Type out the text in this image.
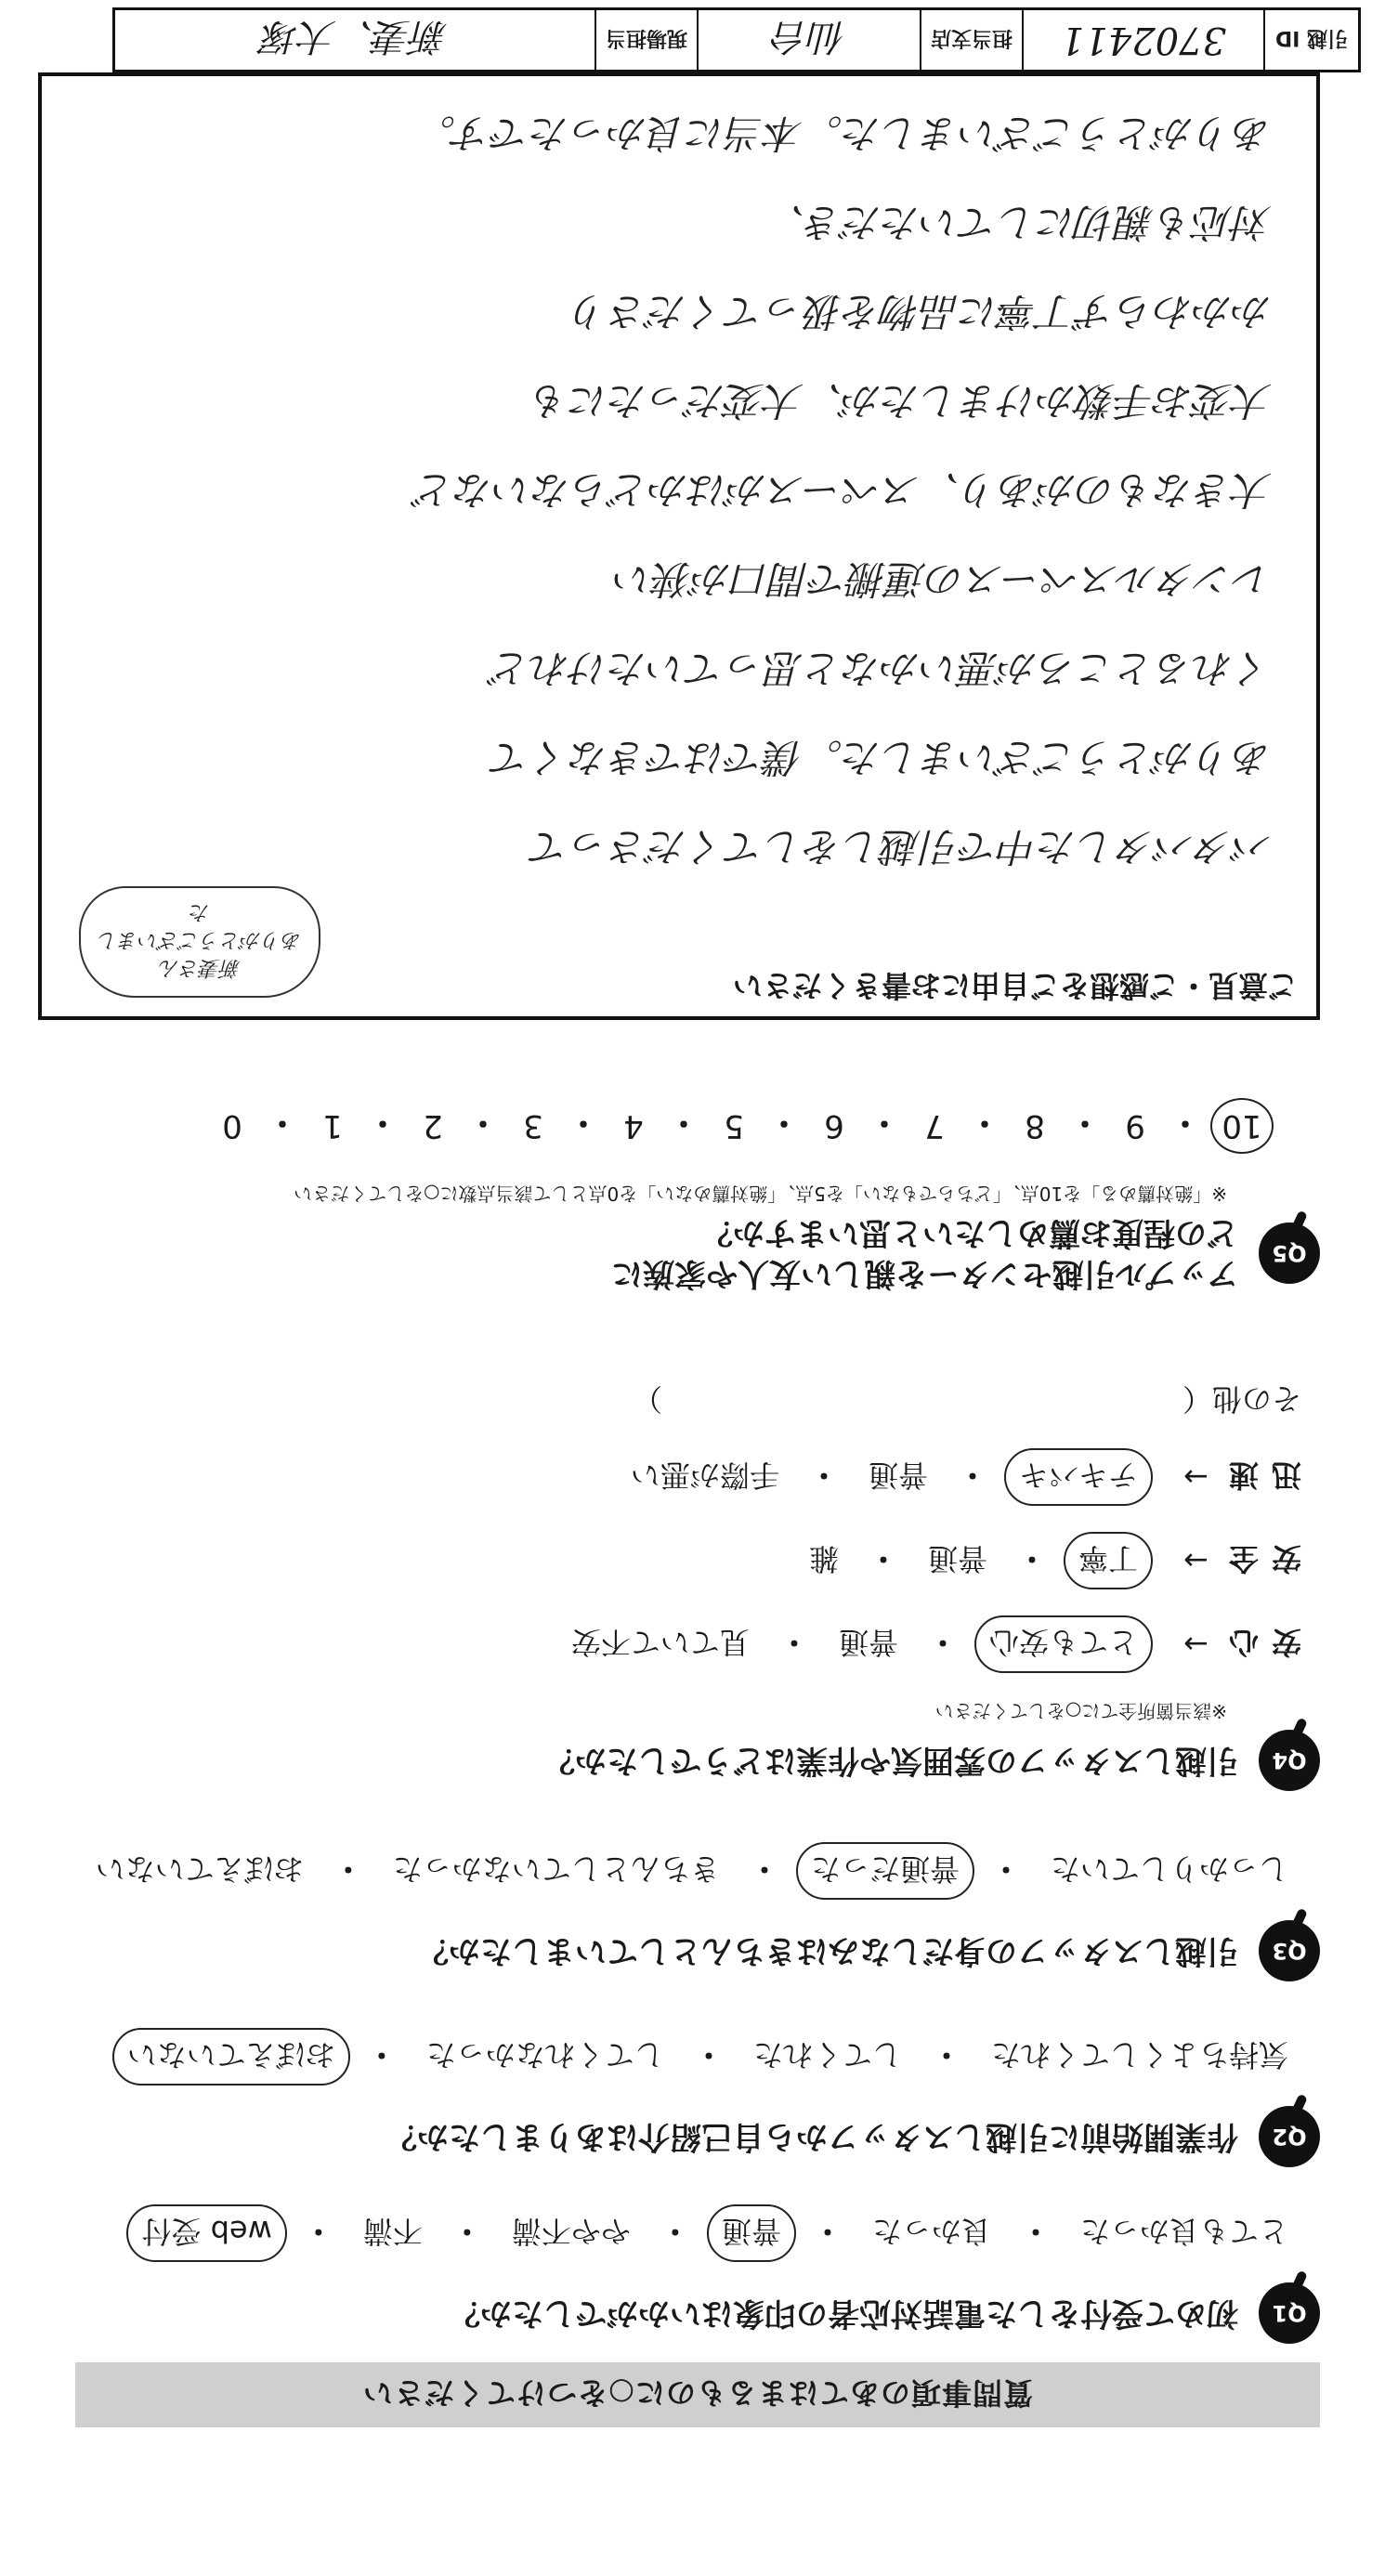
質問事項のあてはまるものに○をつけてください
Q1
初めて受付をした電話対応者の印象はいかがでしたか？
とても良かった
・
良かった
・
普通
・
やや不満
・
不満
・
web 受付
Q2
作業開始前に引越しスタッフから自己紹介はありましたか？
気持ちよくしてくれた
・
してくれた
・
してくれなかった
・
おぼえていない
Q3
引越しスタッフの身だしなみはきちんとしていましたか？
しっかりしていた
・
普通だった
・
きちんとしていなかった
・
おぼえていない
Q4
引越しスタッフの雰囲気や作業はどうでしたか？
※該当箇所全てに○をしてください
安心
→
とても安心
・
普通
・
見ていて不安
安全
→
丁寧
・
普通
・
雑
迅速
→
テキパキ
・
普通
・
手際が悪い
その他（
）
Q5
アップル引越センターを親しい友人や家族に
どの程度お薦めしたいと思いますか？
※「絶対薦める」を10点、「どちらでもない」を5点、「絶対薦めない」を0点として該当点数に○をしてください
10
・
9
・
8
・
7
・
6
・
5
・
4
・
3
・
2
・
1
・
0
ご意見・ご感想をご自由にお書きください
新妻さん
ありがとうございました
バタバタした中で引越しをしてくださって
ありがとうございました。僕ではできなくて
くれるところが悪いかなと思っていたけれど
レンタルスペースの運搬で間口が狭い
大きなものがあり、スペースがはかどらないなど
大変お手数かけましたが、大変だったにも
かかわらず丁寧に品物を扱ってくださり
対応も親切にしていただき、
ありがとうございました。本当に良かったです。
引越 ID
3702411
担当支店
仙台
現場担当
新妻、大塚
